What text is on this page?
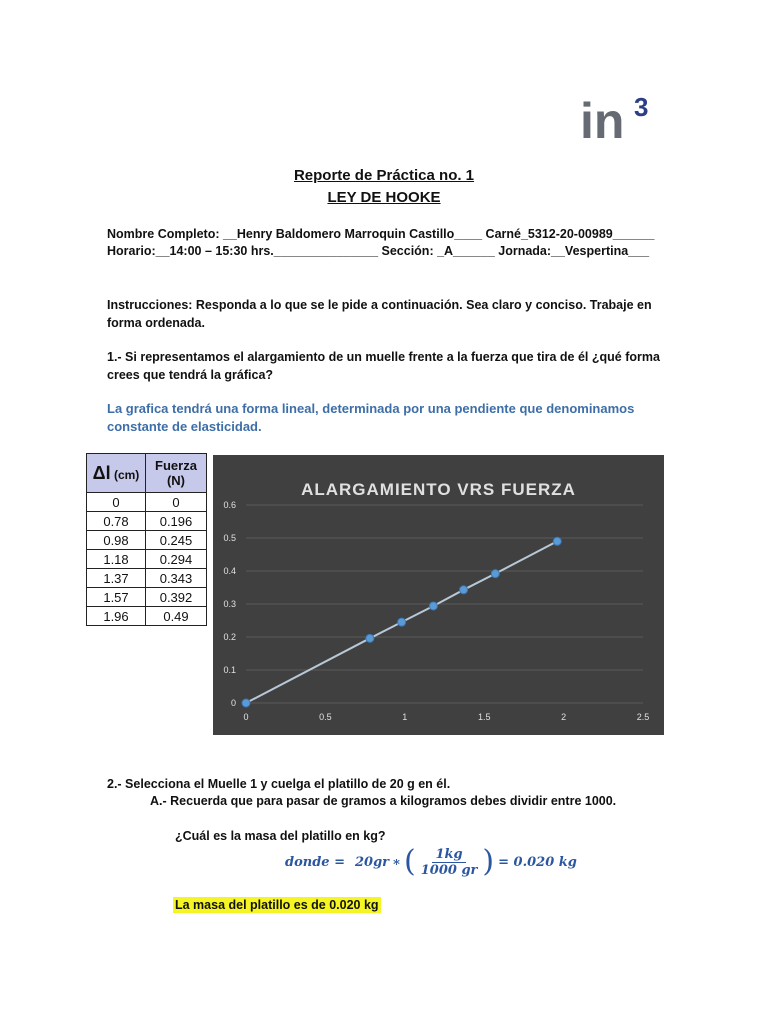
in 3
Reporte de Práctica no. 1
LEY DE HOOKE
Nombre Completo: __Henry Baldomero Marroquin Castillo____ Carné_5312-20-00989______
Horario:__14:00 – 15:30 hrs._______________ Sección: _A______ Jornada:__Vespertina___
Instrucciones: Responda a lo que se le pide a continuación. Sea claro y conciso. Trabaje en forma ordenada.
1.- Si representamos el alargamiento de un muelle frente a la fuerza que tira de él ¿qué forma crees que tendrá la gráfica?
La grafica tendrá una forma lineal, determinada por una pendiente que denominamos constante de elasticidad.
Δl (cm)	Fuerza
(N)

0	0
0.78	0.196
0.98	0.245
1.18	0.294
1.37	0.343
1.57	0.392
1.96	0.49
ALARGAMIENTO VRS FUERZA
0
0.1
0.2
0.3
0.4
0.5
0.6
0	0.5	1	1.5	2	2.5
2.- Selecciona el Muelle 1 y cuelga el platillo de 20 g en él.
A.- Recuerda que para pasar de gramos a kilogramos debes dividir entre 1000.
¿Cuál es la masa del platillo en kg?
donde = 20gr ∗ ( $\frac{1kg}{1000 gr}$ ) = 0.020 kg
La masa del platillo es de 0.020 kg
